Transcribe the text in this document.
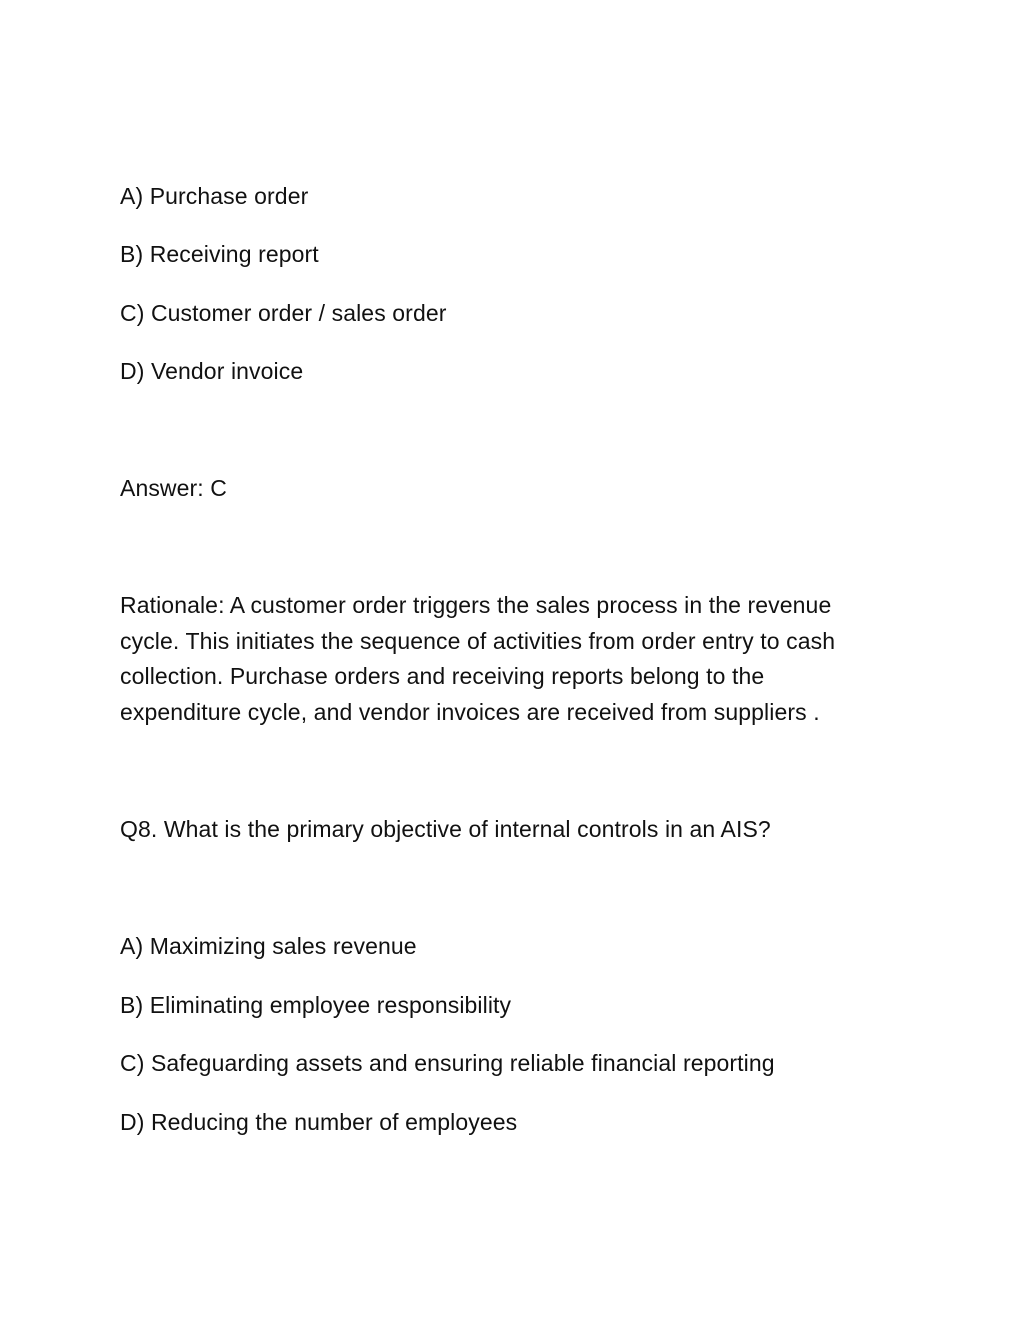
A) Purchase order
B) Receiving report
C) Customer order / sales order
D) Vendor invoice
Answer: C
Rationale: A customer order triggers the sales process in the revenue
cycle. This initiates the sequence of activities from order entry to cash
collection. Purchase orders and receiving reports belong to the
expenditure cycle, and vendor invoices are received from suppliers .
Q8. What is the primary objective of internal controls in an AIS?
A) Maximizing sales revenue
B) Eliminating employee responsibility
C) Safeguarding assets and ensuring reliable financial reporting
D) Reducing the number of employees
